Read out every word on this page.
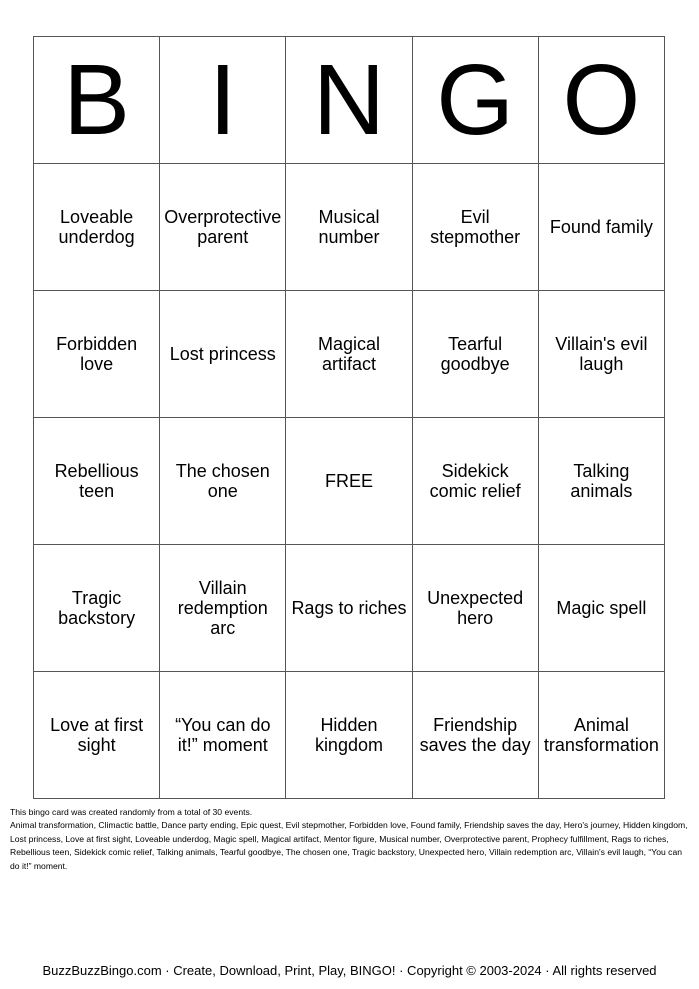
B	I	N	G	O
Loveable underdog	Overprotective parent	Musical number	Evil stepmother	Found family
Forbidden love	Lost princess	Magical artifact	Tearful goodbye	Villain's evil laugh
Rebellious teen	The chosen one	FREE	Sidekick comic relief	Talking animals
Tragic backstory	Villain redemption arc	Rags to riches	Unexpected hero	Magic spell
Love at first sight	“You can do it!” moment	Hidden kingdom	Friendship saves the day	Animal transformation
This bingo card was created randomly from a total of 30 events.
Animal transformation, Climactic battle, Dance party ending, Epic quest, Evil stepmother, Forbidden love, Found family, Friendship saves the day, Hero's journey, Hidden kingdom, Lost princess, Love at first sight, Loveable underdog, Magic spell, Magical artifact, Mentor figure, Musical number, Overprotective parent, Prophecy fulfillment, Rags to riches, Rebellious teen, Sidekick comic relief, Talking animals, Tearful goodbye, The chosen one, Tragic backstory, Unexpected hero, Villain redemption arc, Villain's evil laugh, “You can do it!” moment.
BuzzBuzzBingo.com · Create, Download, Print, Play, BINGO! · Copyright © 2003-2024 · All rights reserved
